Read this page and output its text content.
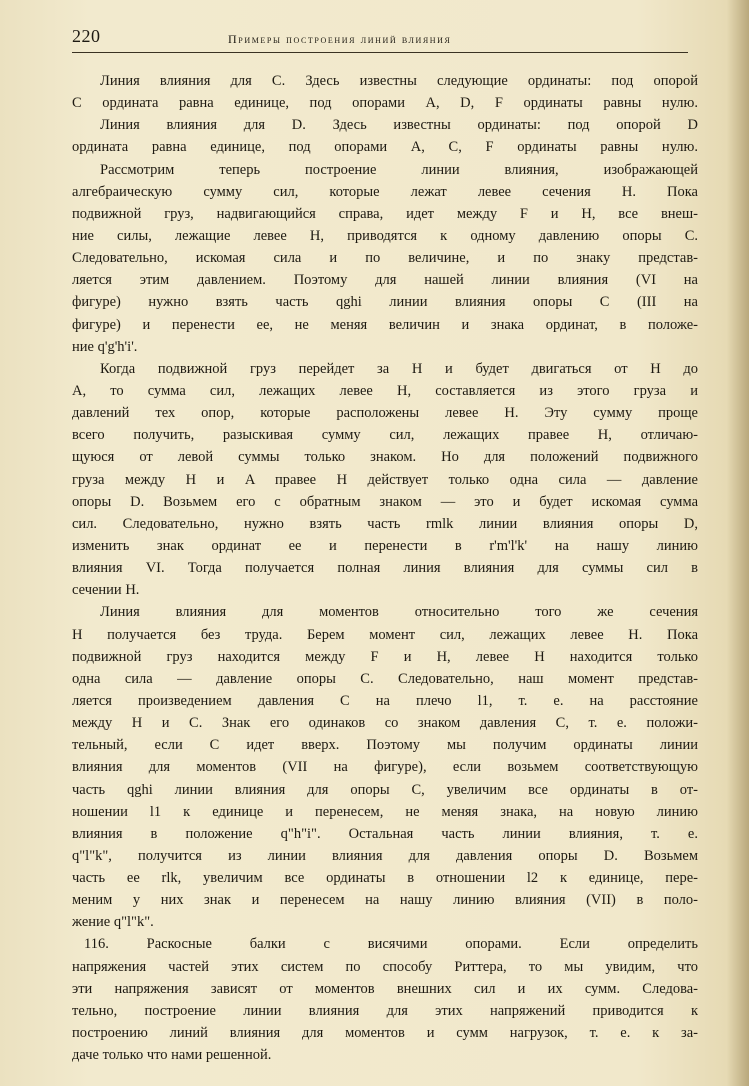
220	Примеры построения линий влияния
Линия влияния для C. Здесь известны следующие ординаты: под опорой
C ордината равна единице, под опорами A, D, F ординаты равны нулю.
Линия влияния для D. Здесь известны ординаты: под опорой D
ордината равна единице, под опорами A, C, F ординаты равны нулю.
Рассмотрим теперь построение линии влияния, изображающей
алгебраическую сумму сил, которые лежат левее сечения H. Пока
подвижной груз, надвигающийся справа, идет между F и H, все внеш-
ние силы, лежащие левее H, приводятся к одному давлению опоры C.
Следовательно, искомая сила и по величине, и по знаку представ-
ляется этим давлением. Поэтому для нашей линии влияния (VI на
фигуре) нужно взять часть qghi линии влияния опоры C (III на
фигуре) и перенести ее, не меняя величин и знака ординат, в положе-
ние q'g'h'i'.
Когда подвижной груз перейдет за H и будет двигаться от H до
A, то сумма сил, лежащих левее H, составляется из этого груза и
давлений тех опор, которые расположены левее H. Эту сумму проще
всего получить, разыскивая сумму сил, лежащих правее H, отличаю-
щуюся от левой суммы только знаком. Но для положений подвижного
груза между H и A правее H действует только одна сила — давление
опоры D. Возьмем его с обратным знаком — это и будет искомая сумма
сил. Следовательно, нужно взять часть rmlk линии влияния опоры D,
изменить знак ординат ее и перенести в r'm'l'k' на нашу линию
влияния VI. Тогда получается полная линия влияния для суммы сил в
сечении H.
Линия влияния для моментов относительно того же сечения
H получается без труда. Берем момент сил, лежащих левее H. Пока
подвижной груз находится между F и H, левее H находится только
одна сила — давление опоры C. Следовательно, наш момент представ-
ляется произведением давления C на плечо l1, т. е. на расстояние
между H и C. Знак его одинаков со знаком давления C, т. е. положи-
тельный, если C идет вверх. Поэтому мы получим ординаты линии
влияния для моментов (VII на фигуре), если возьмем соответствующую
часть qghi линии влияния для опоры C, увеличим все ординаты в от-
ношении l1 к единице и перенесем, не меняя знака, на новую линию
влияния в положение q"h"i". Остальная часть линии влияния, т. е.
q"l"k", получится из линии влияния для давления опоры D. Возьмем
часть ее rlk, увеличим все ординаты в отношении l2 к единице, пере-
меним у них знак и перенесем на нашу линию влияния (VII) в поло-
жение q"l"k".
116. Раскосные балки с висячими опорами. Если определить
напряжения частей этих систем по способу Риттера, то мы увидим, что
эти напряжения зависят от моментов внешних сил и их сумм. Следова-
тельно, построение линии влияния для этих напряжений приводится к
построению линий влияния для моментов и сумм нагрузок, т. е. к за-
даче только что нами решенной.
